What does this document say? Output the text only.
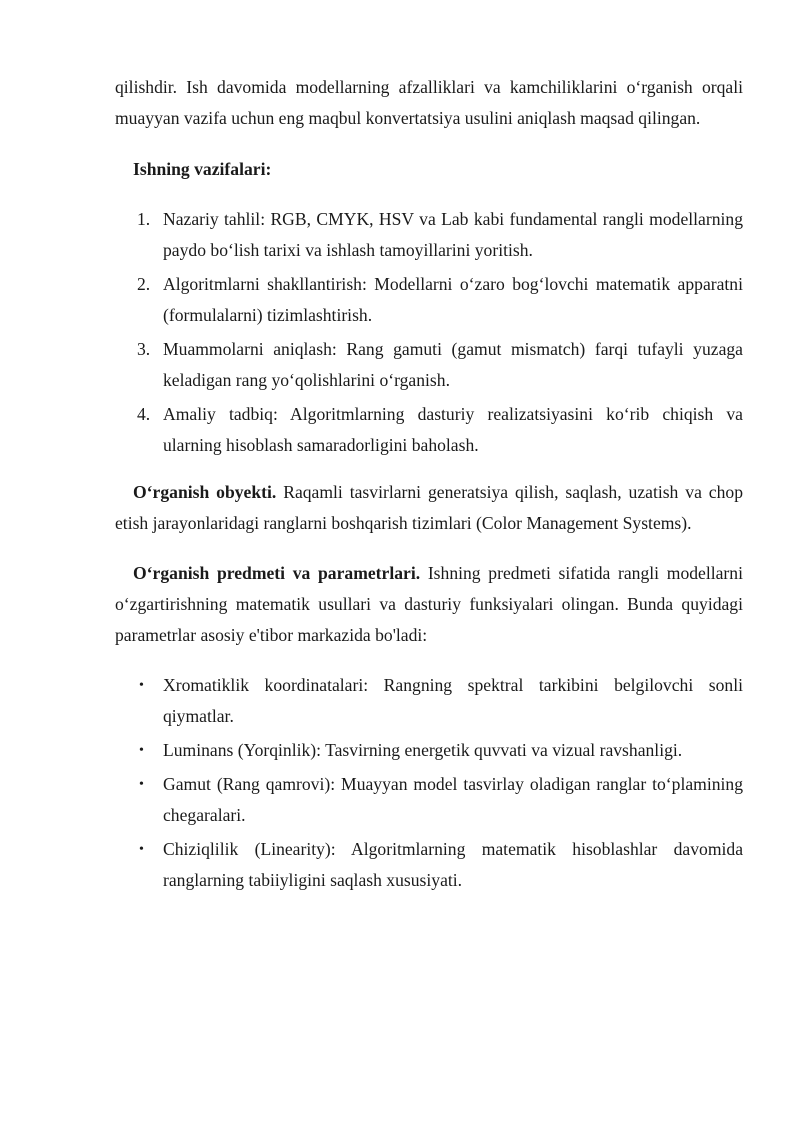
qilishdir. Ish davomida modellarning afzalliklari va kamchiliklarini o‘rganish orqali muayyan vazifa uchun eng maqbul konvertatsiya usulini aniqlash maqsad qilingan.

Ishning vazifalari:

1. Nazariy tahlil: RGB, CMYK, HSV va Lab kabi fundamental rangli modellarning paydo bo‘lish tarixi va ishlash tamoyillarini yoritish.
2. Algoritmlarni shakllantirish: Modellarni o‘zaro bog‘lovchi matematik apparatni (formulalarni) tizimlashtirish.
3. Muammolarni aniqlash: Rang gamuti (gamut mismatch) farqi tufayli yuzaga keladigan rang yo‘qolishlarini o‘rganish.
4. Amaliy tadbiq: Algoritmlarning dasturiy realizatsiyasini ko‘rib chiqish va ularning hisoblash samaradorligini baholash.

O‘rganish obyekti. Raqamli tasvirlarni generatsiya qilish, saqlash, uzatish va chop etish jarayonlaridagi ranglarni boshqarish tizimlari (Color Management Systems).

O‘rganish predmeti va parametrlari. Ishning predmeti sifatida rangli modellarni o‘zgartirishning matematik usullari va dasturiy funksiyalari olingan. Bunda quyidagi parametrlar asosiy e'tibor markazida bo'ladi:

• Xromatiklik koordinatalari: Rangning spektral tarkibini belgilovchi sonli qiymatlar.
• Luminans (Yorqinlik): Tasvirning energetik quvvati va vizual ravshanligi.
• Gamut (Rang qamrovi): Muayyan model tasvirlay oladigan ranglar to‘plamining chegaralari.
• Chiziqlilik (Linearity): Algoritmlarning matematik hisoblashlar davomida ranglarning tabiiyligini saqlash xususiyati.
